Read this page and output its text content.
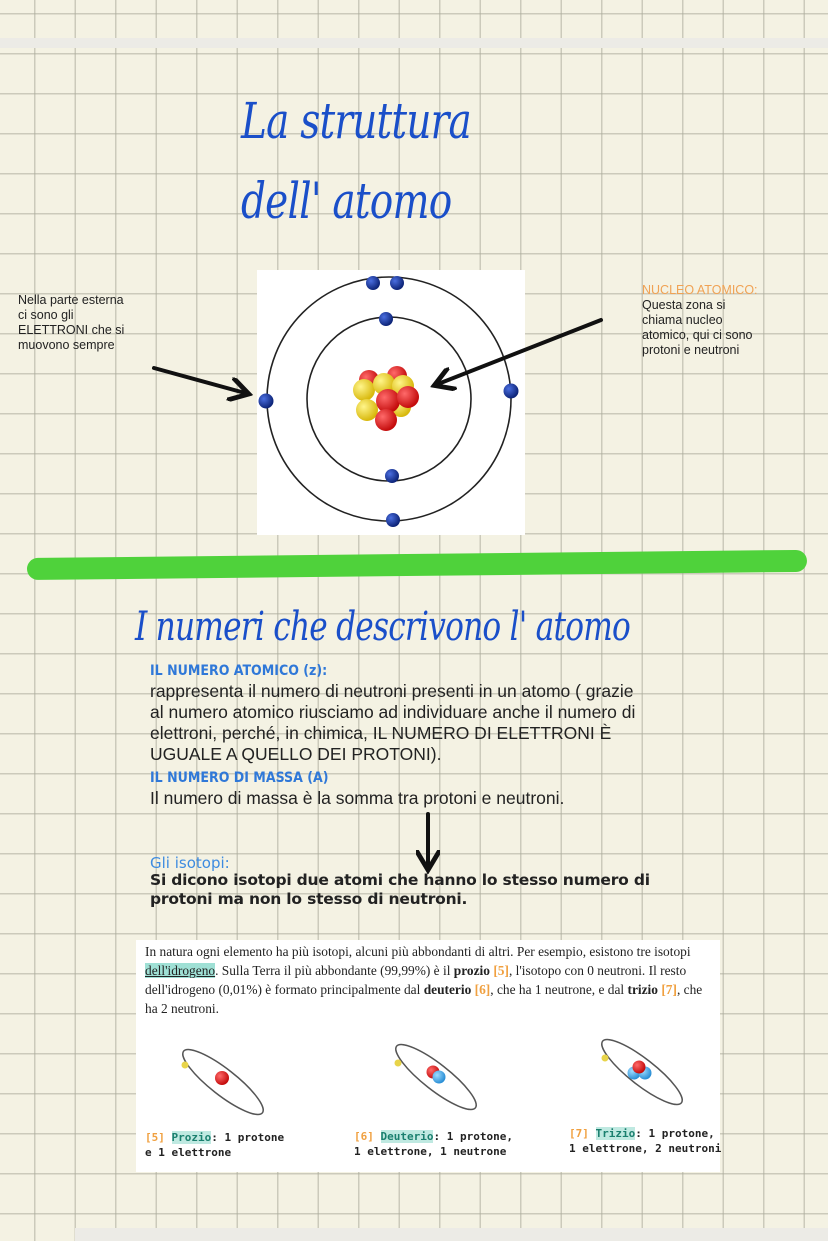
La struttura
dell' atomo
Nella parte esterna
ci sono gli
ELETTRONI che si
muovono sempre
NUCLEO ATOMICO:
Questa zona si
chiama nucleo
atomico, qui ci sono
protoni e neutroni
I numeri che descrivono l' atomo
IL NUMERO ATOMICO (z):
rappresenta il numero di neutroni presenti in un atomo ( grazie
al numero atomico riusciamo ad individuare anche il numero di
elettroni, perché, in chimica, IL NUMERO DI ELETTRONI È
UGUALE A QUELLO DEI PROTONI).
IL NUMERO DI MASSA (A)
Il numero di massa è la somma tra protoni e neutroni.
Gli isotopi:
Si dicono isotopi due atomi che hanno lo stesso numero di
protoni ma non lo stesso di neutroni.
In natura ogni elemento ha più isotopi, alcuni più abbondanti di altri. Per esempio, esistono tre isotopi dell'idrogeno. Sulla Terra il più abbondante (99,99%) è il prozio [5], l'isotopo con 0 neutroni. Il resto dell'idrogeno (0,01%) è formato principalmente dal deuterio [6], che ha 1 neutrone, e dal trizio [7], che ha 2 neutroni.
[5] Prozio: 1 protone
e 1 elettrone
[6] Deuterio: 1 protone,
1 elettrone, 1 neutrone
[7] Trizio: 1 protone,
1 elettrone, 2 neutroni
